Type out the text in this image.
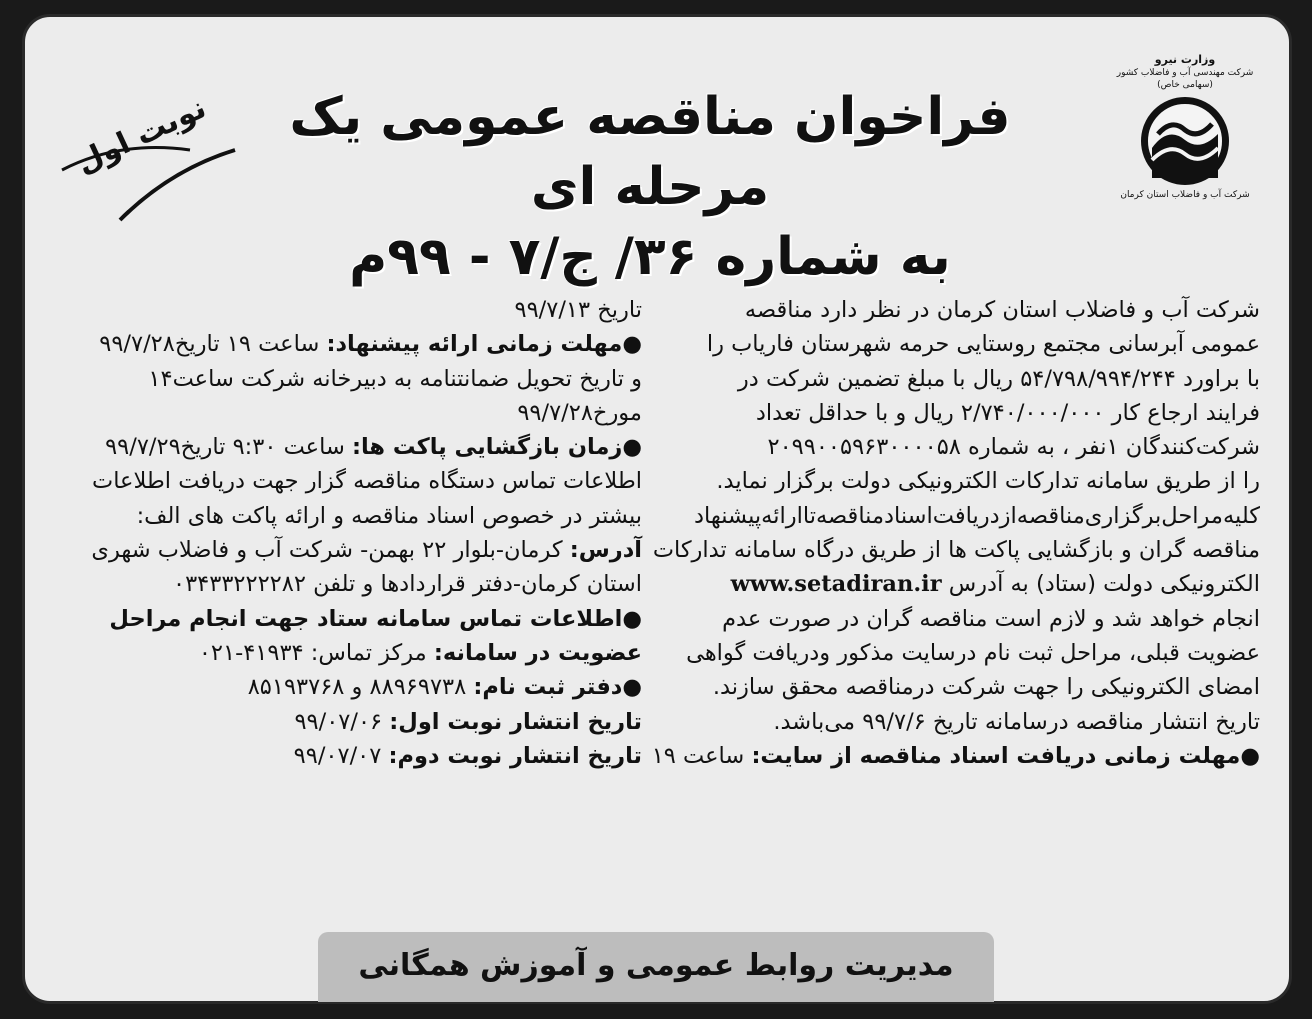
وزارت نیرو
شرکت مهندسی آب و فاضلاب کشور
(سهامی خاص)
شرکت آب و فاضلاب استان کرمان
نوبت اول	فراخوان مناقصه عمومی یک مرحله ای
به شماره ۳۶/ ج/۷ - ۹۹م
شرکت آب و فاضلاب استان کرمان در نظر دارد مناقصه
عمومی آبرسانی مجتمع روستایی حرمه شهرستان فاریاب را
با براورد ۵۴/۷۹۸/۹۹۴/۲۴۴ ریال با مبلغ تضمین شرکت در
فرایند ارجاع کار ۲/۷۴۰/۰۰۰/۰۰۰ ریال و با حداقل تعداد
شرکت‌کنندگان ۱نفر ، به شماره ۲۰۹۹۰۰۵۹۶۳۰۰۰۰۵۸
را از طریق سامانه تدارکات الکترونیکی دولت برگزار نماید.
کلیه‌مراحل‌برگزاری‌مناقصه‌از‌دریافت‌اسناد‌مناقصه‌تا‌ارائه‌پیشنهاد
مناقصه گران و بازگشایی پاکت ها از طریق درگاه سامانه تدارکات
الکترونیکی دولت (ستاد) به آدرس www.setadiran.ir
انجام خواهد شد و لازم است مناقصه گران در صورت عدم
عضویت قبلی، مراحل ثبت نام درسایت مذکور ودریافت گواهی
امضای الکترونیکی را جهت شرکت درمناقصه محقق سازند.
تاریخ انتشار مناقصه درسامانه تاریخ ۹۹/۷/۶ می‌باشد.
●مهلت زمانی دریافت اسناد مناقصه از سایت: ساعت ۱۹
تاریخ ۹۹/۷/۱۳
●مهلت زمانی ارائه پیشنهاد: ساعت ۱۹ تاریخ۹۹/۷/۲۸
و تاریخ تحویل ضمانتنامه به دبیرخانه شرکت ساعت۱۴
مورخ۹۹/۷/۲۸
●زمان بازگشایی پاکت ها: ساعت ۹:۳۰ تاریخ۹۹/۷/۲۹
اطلاعات تماس دستگاه مناقصه گزار جهت دریافت اطلاعات
بیشتر در خصوص اسناد مناقصه و ارائه پاکت های الف:
آدرس: کرمان-بلوار ۲۲ بهمن- شرکت آب و فاضلاب شهری
استان کرمان-دفتر قراردادها و تلفن ۰۳۴۳۳۲۲۲۲۸۲
●اطلاعات تماس سامانه ستاد جهت انجام مراحل
عضویت در سامانه: مرکز تماس: ۴۱۹۳۴-۰۲۱
●دفتر ثبت نام: ۸۸۹۶۹۷۳۸ و ۸۵۱۹۳۷۶۸
تاریخ انتشار نوبت اول: ۹۹/۰۷/۰۶
تاریخ انتشار نوبت دوم: ۹۹/۰۷/۰۷
مدیریت روابط عمومی و آموزش همگانی
